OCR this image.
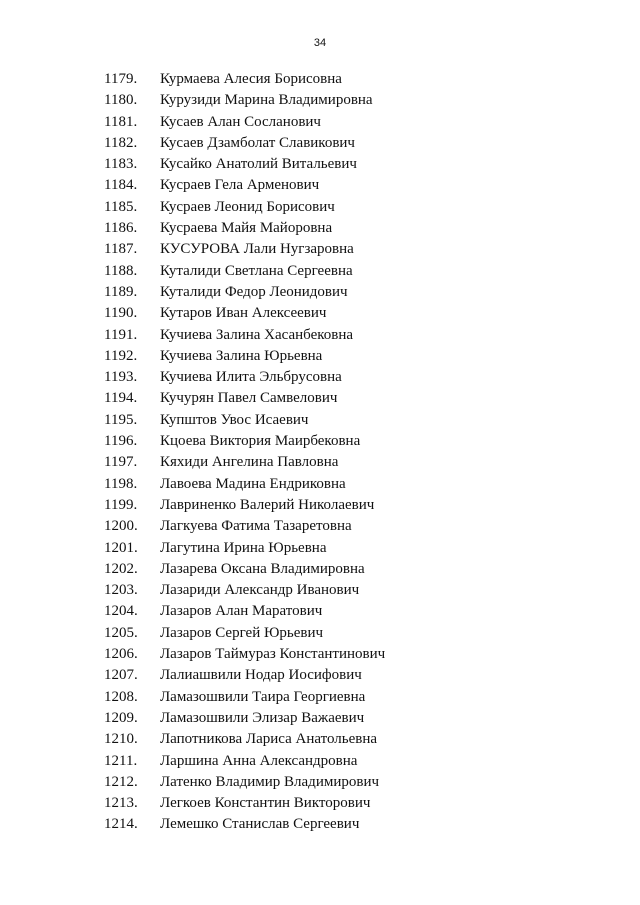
34
1179.	Курмаева Алесия Борисовна
1180.	Курузиди Марина Владимировна
1181.	Кусаев Алан Сосланович
1182.	Кусаев Дзамболат Славикович
1183.	Кусайко Анатолий Витальевич
1184.	Кусраев Гела Арменович
1185.	Кусраев Леонид Борисович
1186.	Кусраева Майя Майоровна
1187.	КУСУРОВА Лали Нугзаровна
1188.	Куталиди Светлана Сергеевна
1189.	Куталиди Федор Леонидович
1190.	Кутаров Иван Алексеевич
1191.	Кучиева Залина Хасанбековна
1192.	Кучиева Залина Юрьевна
1193.	Кучиева Илита Эльбрусовна
1194.	Кучурян Павел Самвелович
1195.	Купштов Увос Исаевич
1196.	Кцоева Виктория Маирбековна
1197.	Кяхиди Ангелина Павловна
1198.	Лавоева Мадина Ендриковна
1199.	Лавриненко Валерий Николаевич
1200.	Лагкуева Фатима Тазаретовна
1201.	Лагутина Ирина Юрьевна
1202.	Лазарева Оксана Владимировна
1203.	Лазариди Александр Иванович
1204.	Лазаров Алан Маратович
1205.	Лазаров Сергей Юрьевич
1206.	Лазаров Таймураз Константинович
1207.	Лалиашвили Нодар Иосифович
1208.	Ламазошвили Таира Георгиевна
1209.	Ламазошвили Элизар Важаевич
1210.	Лапотникова Лариса Анатольевна
1211.	Ларшина Анна Александровна
1212.	Латенко Владимир Владимирович
1213.	Легкоев Константин Викторович
1214.	Лемешко Станислав Сергеевич
